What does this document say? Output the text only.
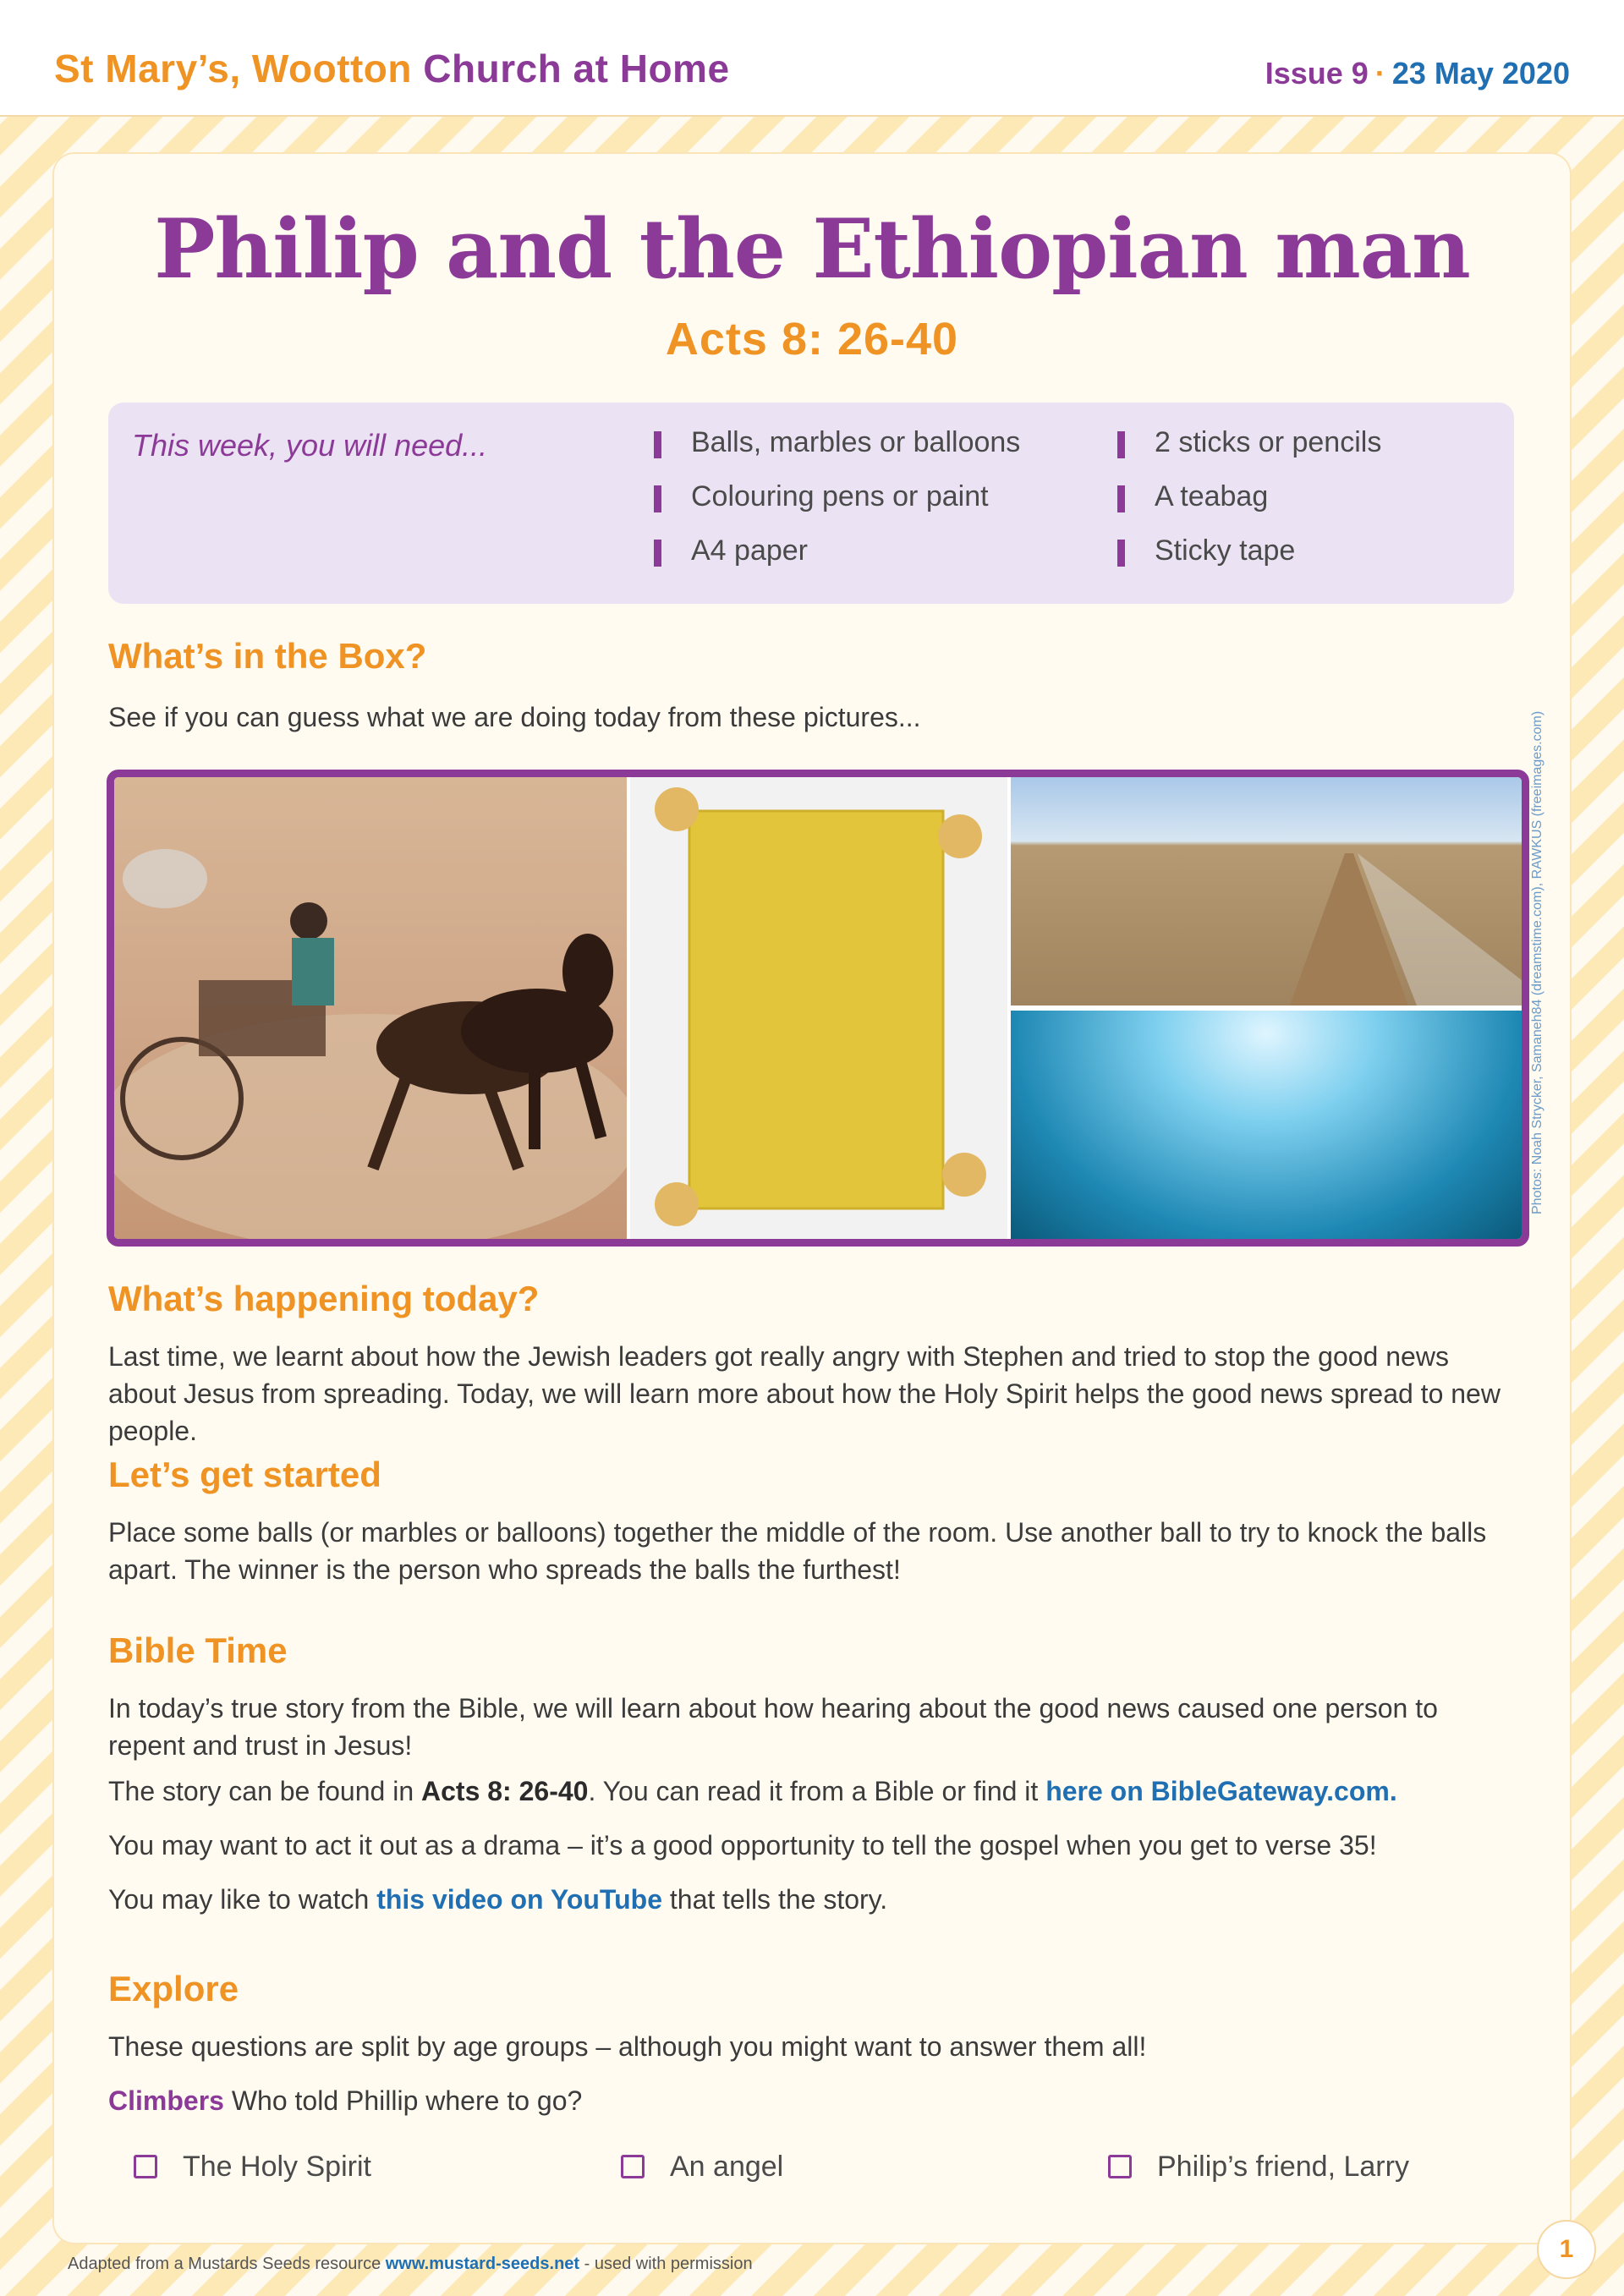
St Mary’s, Wootton Church at Home	Issue 9 · 23 May 2020
Philip and the Ethiopian man
Acts 8: 26-40
This week, you will need...	Balls, marbles or balloons
Colouring pens or paint
A4 paper
2 sticks or pencils
A teabag
Sticky tape
What’s in the Box?
See if you can guess what we are doing today from these pictures...	Photos: Noah Strycker, Samaneh84 (dreamstime.com), RAWKUS (freeimages.com)
What’s happening today?
Last time, we learnt about how the Jewish leaders got really angry with Stephen and tried to stop the good news about Jesus from spreading. Today, we will learn more about how the Holy Spirit helps the good news spread to new people.
Let’s get started
Place some balls (or marbles or balloons) together the middle of the room. Use another ball to try to knock the balls apart. The winner is the person who spreads the balls the furthest!
Bible Time
In today’s true story from the Bible, we will learn about how hearing about the good news caused one person to repent and trust in Jesus!
The story can be found in Acts 8: 26-40. You can read it from a Bible or find it here on BibleGateway.com.
You may want to act it out as a drama – it’s a good opportunity to tell the gospel when you get to verse 35!
You may like to watch this video on YouTube that tells the story.
Explore
These questions are split by age groups – although you might want to answer them all!
Climbers Who told Phillip where to go?
The Holy Spirit	An angel	Philip’s friend, Larry
1
Adapted from a Mustards Seeds resource www.mustard-seeds.net - used with permission
